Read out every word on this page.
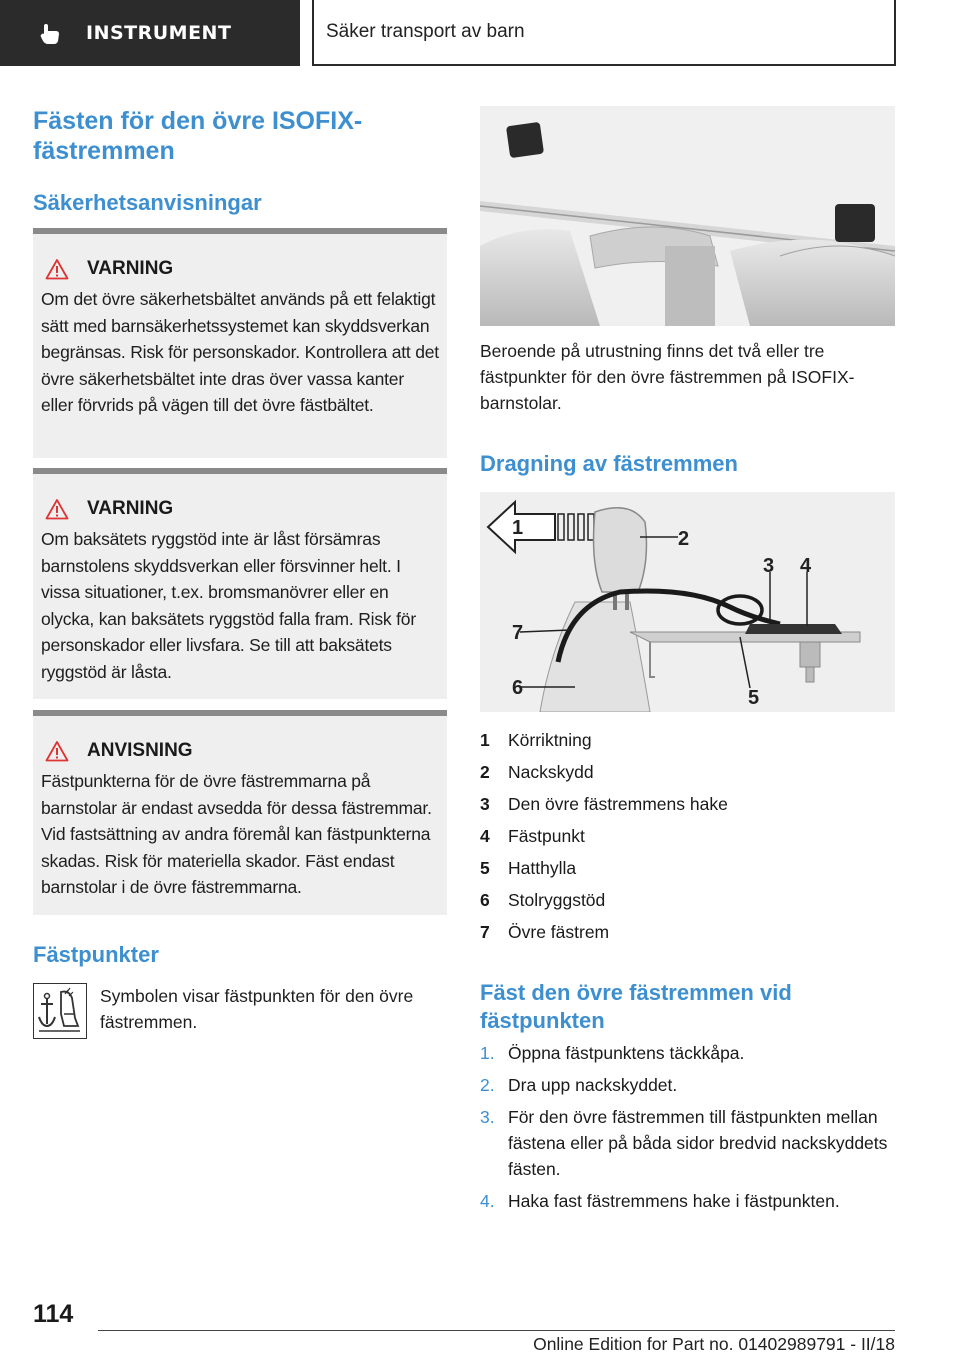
INSTRUMENT	Säker transport av barn
Fästen för den övre ISOFIX-fästremmen
Säkerhetsanvisningar
VARNING
Om det övre säkerhetsbältet används på ett felaktigt sätt med barnsäkerhetssystemet kan skyddsverkan begränsas. Risk för personskador. Kontrollera att det övre säkerhetsbältet inte dras över vassa kanter eller förvrids på vägen till det övre fästbältet.
VARNING
Om baksätets ryggstöd inte är låst försämras barnstolens skyddsverkan eller försvinner helt. I vissa situationer, t.ex. bromsmanövrer eller en olycka, kan baksätets ryggstöd falla fram. Risk för personskador eller livsfara. Se till att baksätets ryggstöd är låsta.
ANVISNING
Fästpunkterna för de övre fästremmarna på barnstolar är endast avsedda för dessa fästremmar. Vid fastsättning av andra föremål kan fästpunkterna skadas. Risk för materiella skador. Fäst endast barnstolar i de övre fästremmarna.
Fästpunkter
Symbolen visar fästpunkten för den övre fästremmen.
Beroende på utrustning finns det två eller tre fästpunkter för den övre fästremmen på ISOFIX-barnstolar.
Dragning av fästremmen
1	2
3 4
5
6
7
1	Körriktning
2	Nackskydd
3	Den övre fästremmens hake
4	Fästpunkt
5	Hatthylla
6	Stolryggstöd
7	Övre fästrem
Fäst den övre fästremmen vid fästpunkten
1. Öppna fästpunktens täckkåpa.
2. Dra upp nackskyddet.
3. För den övre fästremmen till fästpunkten mellan fästena eller på båda sidor bredvid nackskyddets fästen.
4. Haka fast fästremmens hake i fästpunkten.
114
Online Edition for Part no. 01402989791 - II/18
